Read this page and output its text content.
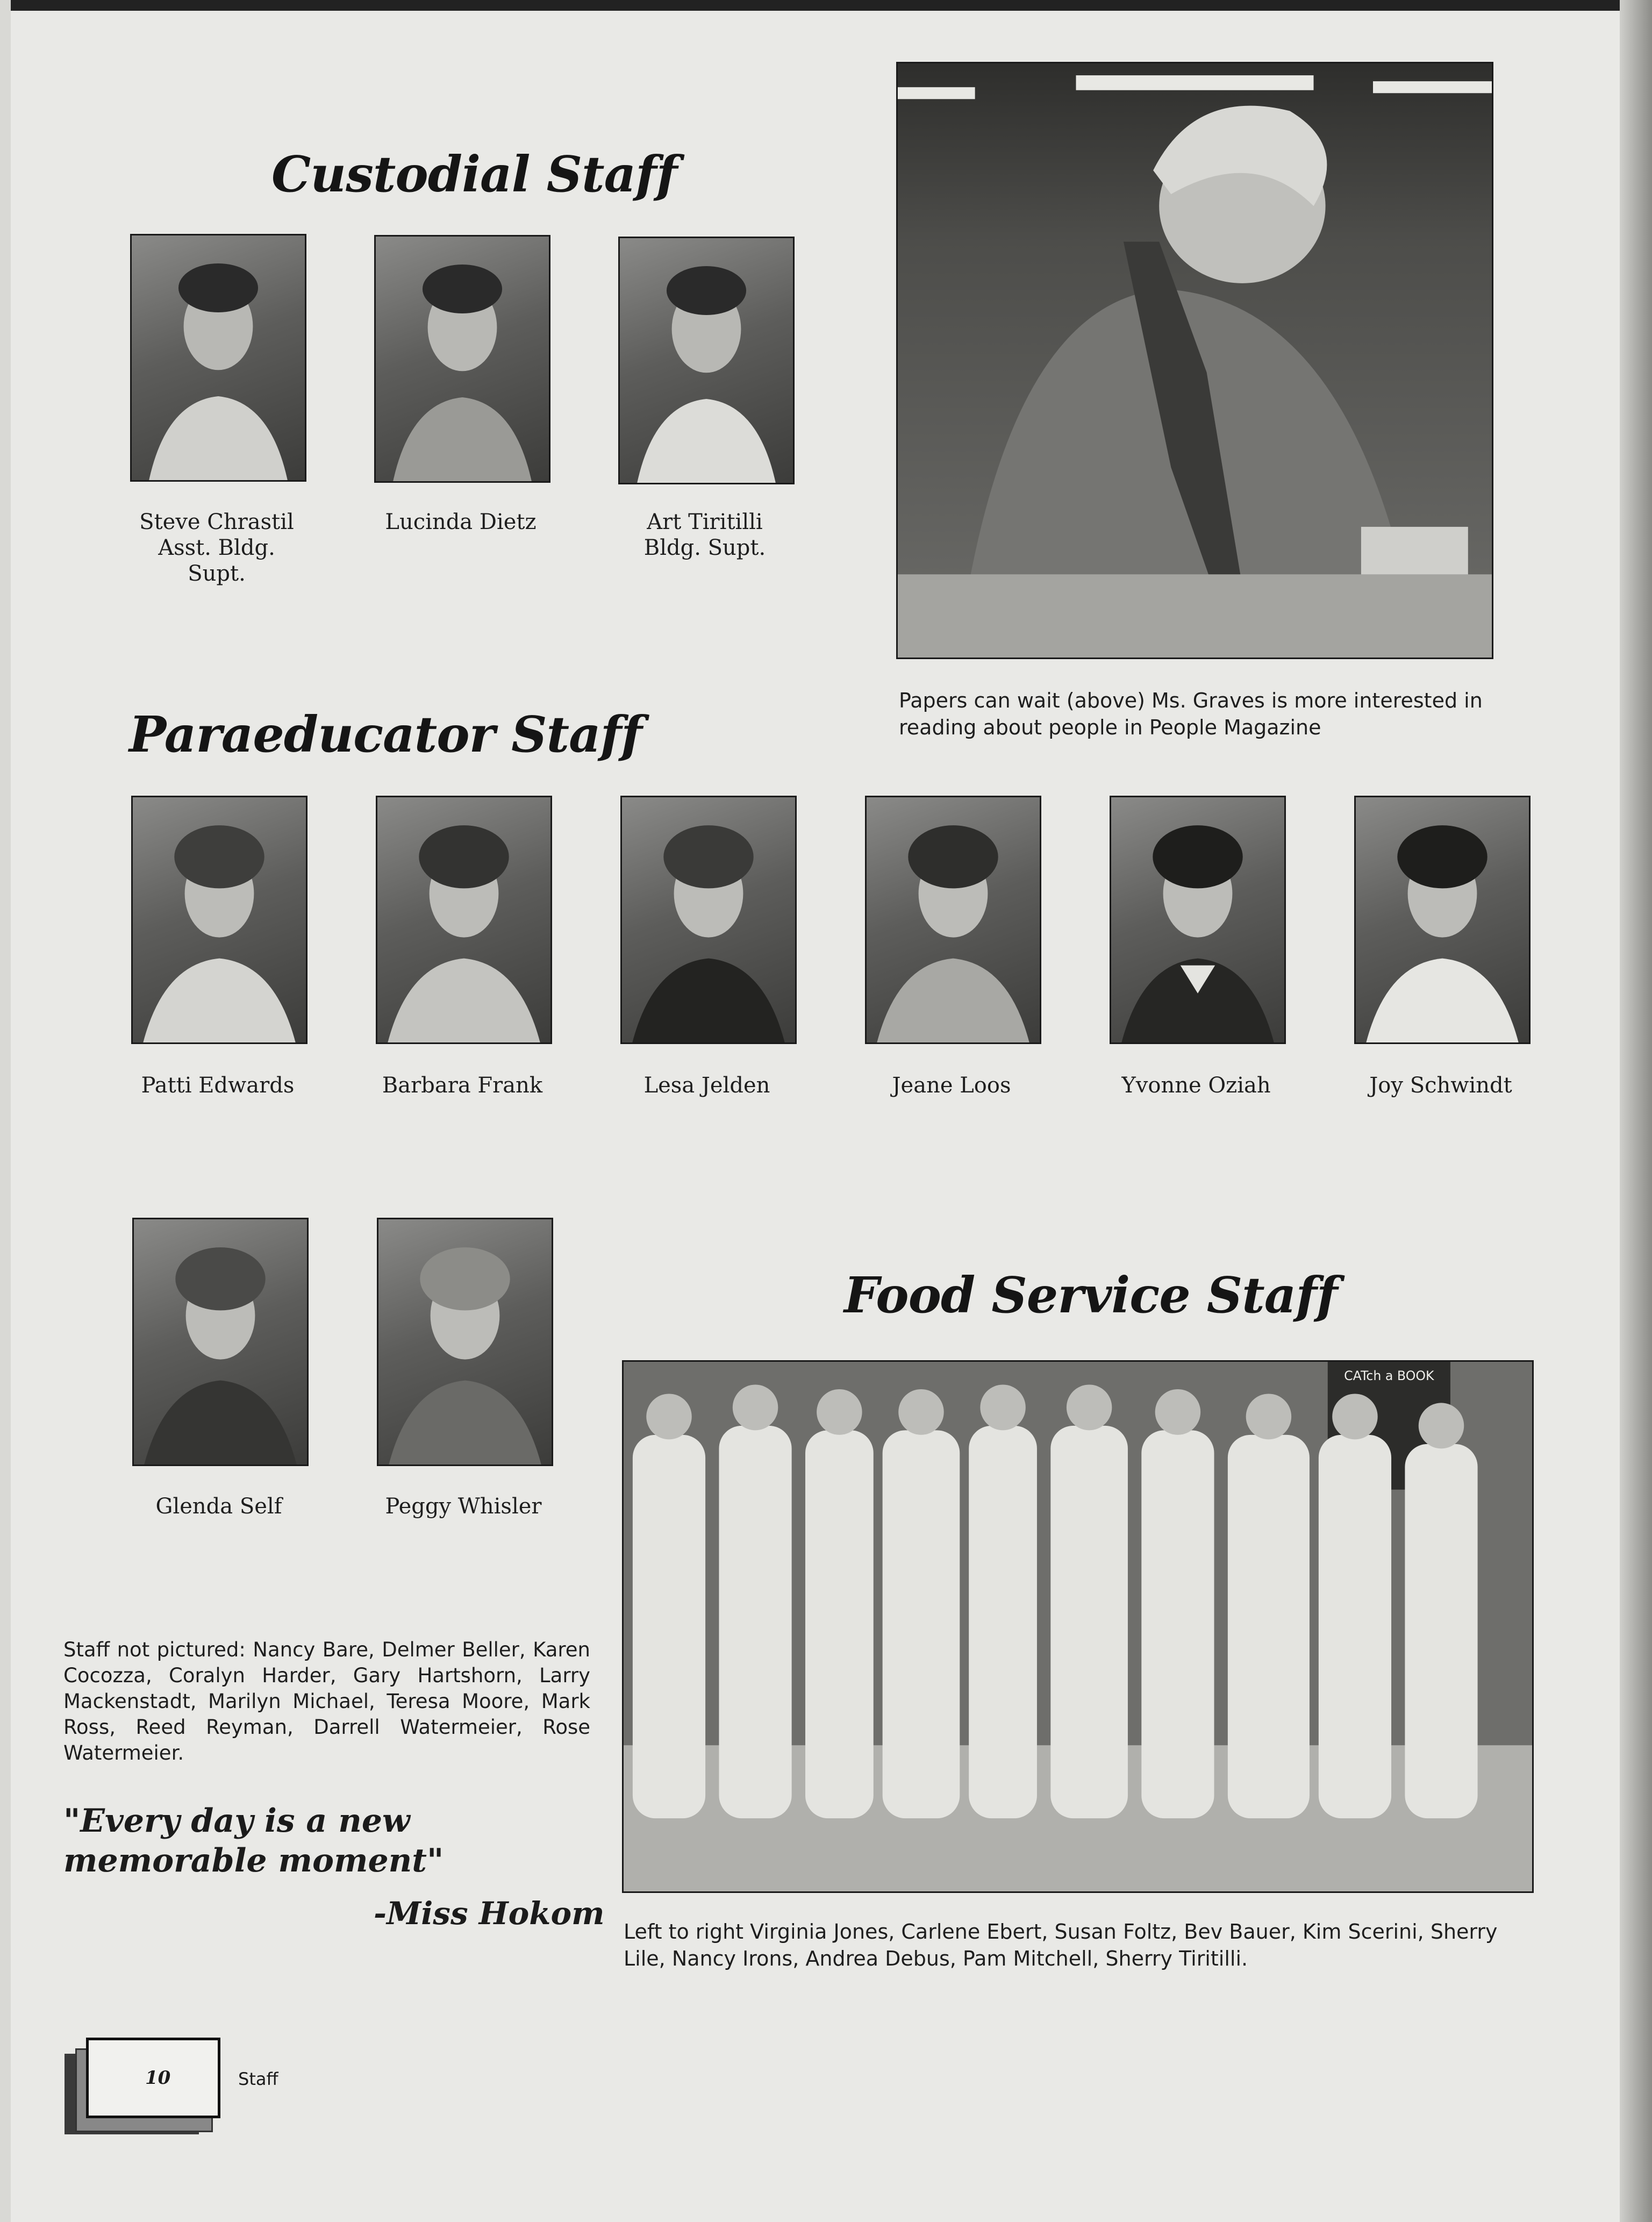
Custodial Staff
Steve Chrastil
Asst. Bldg. Supt.
Lucinda Dietz	Art Tiritilli
Bldg. Supt.
Papers can wait (above) Ms. Graves is more interested in reading about people in People Magazine
Paraeducator Staff
Patti Edwards	Barbara Frank	Lesa Jelden	Jeane Loos	Yvonne Oziah	Joy Schwindt
Glenda Self	Peggy Whisler
Food Service Staff
CATch a BOOK
Left to right Virginia Jones, Carlene Ebert, Susan Foltz, Bev Bauer, Kim Scerini, Sherry Lile, Nancy Irons, Andrea Debus, Pam Mitchell, Sherry Tiritilli.
Staff not pictured: Nancy Bare, Delmer Beller, Karen Cocozza, Coralyn Harder, Gary Hartshorn, Larry Mackenstadt, Marilyn Michael, Teresa Moore, Mark Ross, Reed Reyman, Darrell Watermeier, Rose Watermeier.
"Every day is a new memorable moment"
-Miss Hokom
10	Staff
